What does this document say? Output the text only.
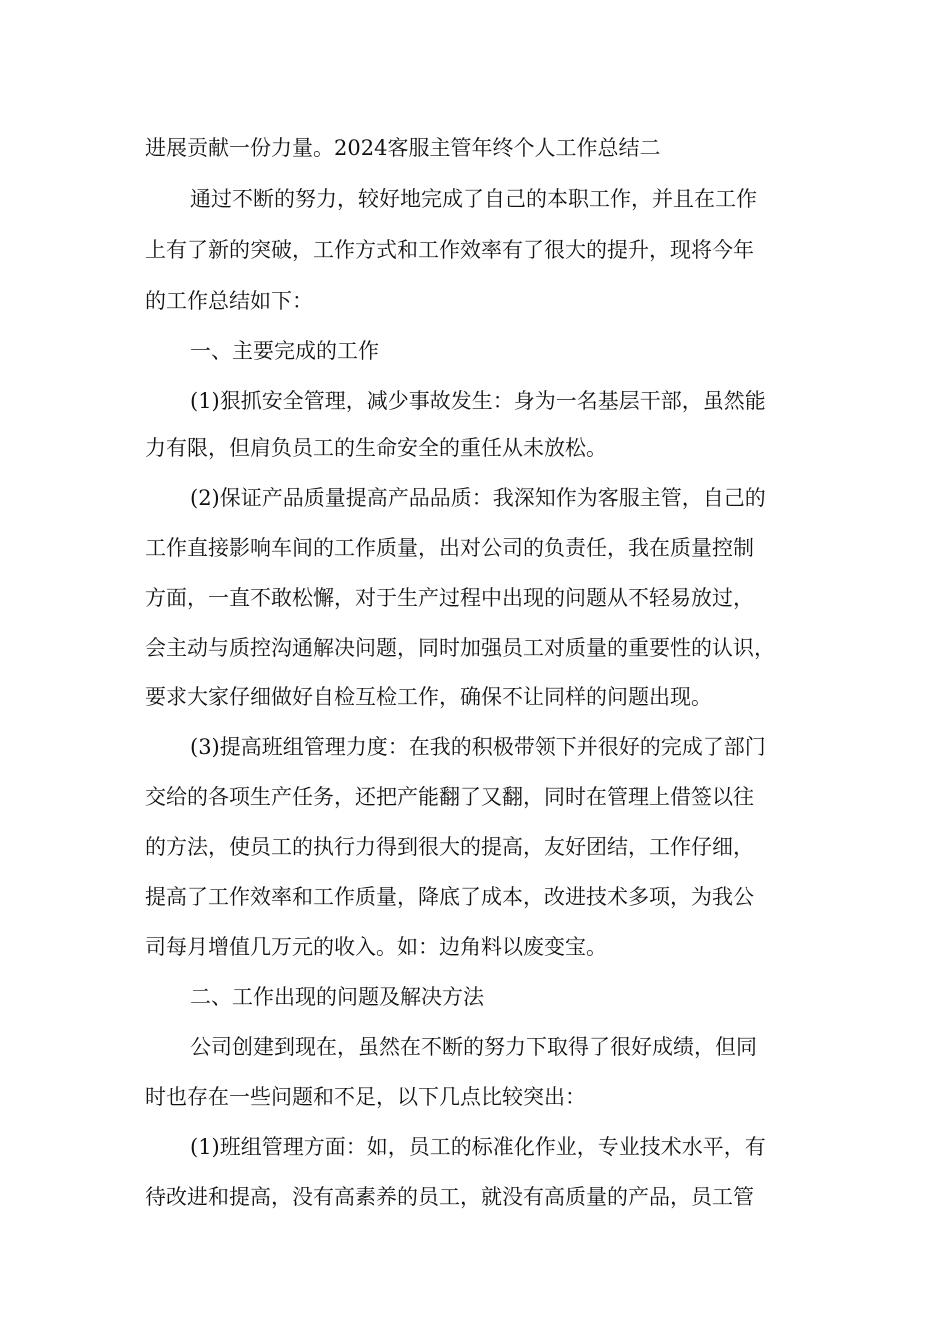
进展贡献一份力量。2024客服主管年终个人工作总结二
通过不断的努力，较好地完成了自己的本职工作，并且在工作
上有了新的突破，工作方式和工作效率有了很大的提升，现将今年
的工作总结如下：
一、主要完成的工作
(1)狠抓安全管理，减少事故发生：身为一名基层干部，虽然能
力有限，但肩负员工的生命安全的重任从未放松。
(2)保证产品质量提高产品品质：我深知作为客服主管，自己的
工作直接影响车间的工作质量，出对公司的负责任，我在质量控制
方面，一直不敢松懈，对于生产过程中出现的问题从不轻易放过，
会主动与质控沟通解决问题，同时加强员工对质量的重要性的认识，
要求大家仔细做好自检互检工作，确保不让同样的问题出现。
(3)提高班组管理力度：在我的积极带领下并很好的完成了部门
交给的各项生产任务，还把产能翻了又翻，同时在管理上借签以往
的方法，使员工的执行力得到很大的提高，友好团结，工作仔细，
提高了工作效率和工作质量，降底了成本，改进技术多项，为我公
司每月增值几万元的收入。如：边角料以废变宝。
二、工作出现的问题及解决方法
公司创建到现在，虽然在不断的努力下取得了很好成绩，但同
时也存在一些问题和不足，以下几点比较突出：
(1)班组管理方面：如，员工的标准化作业，专业技术水平，有
待改进和提高，没有高素养的员工，就没有高质量的产品，员工管
